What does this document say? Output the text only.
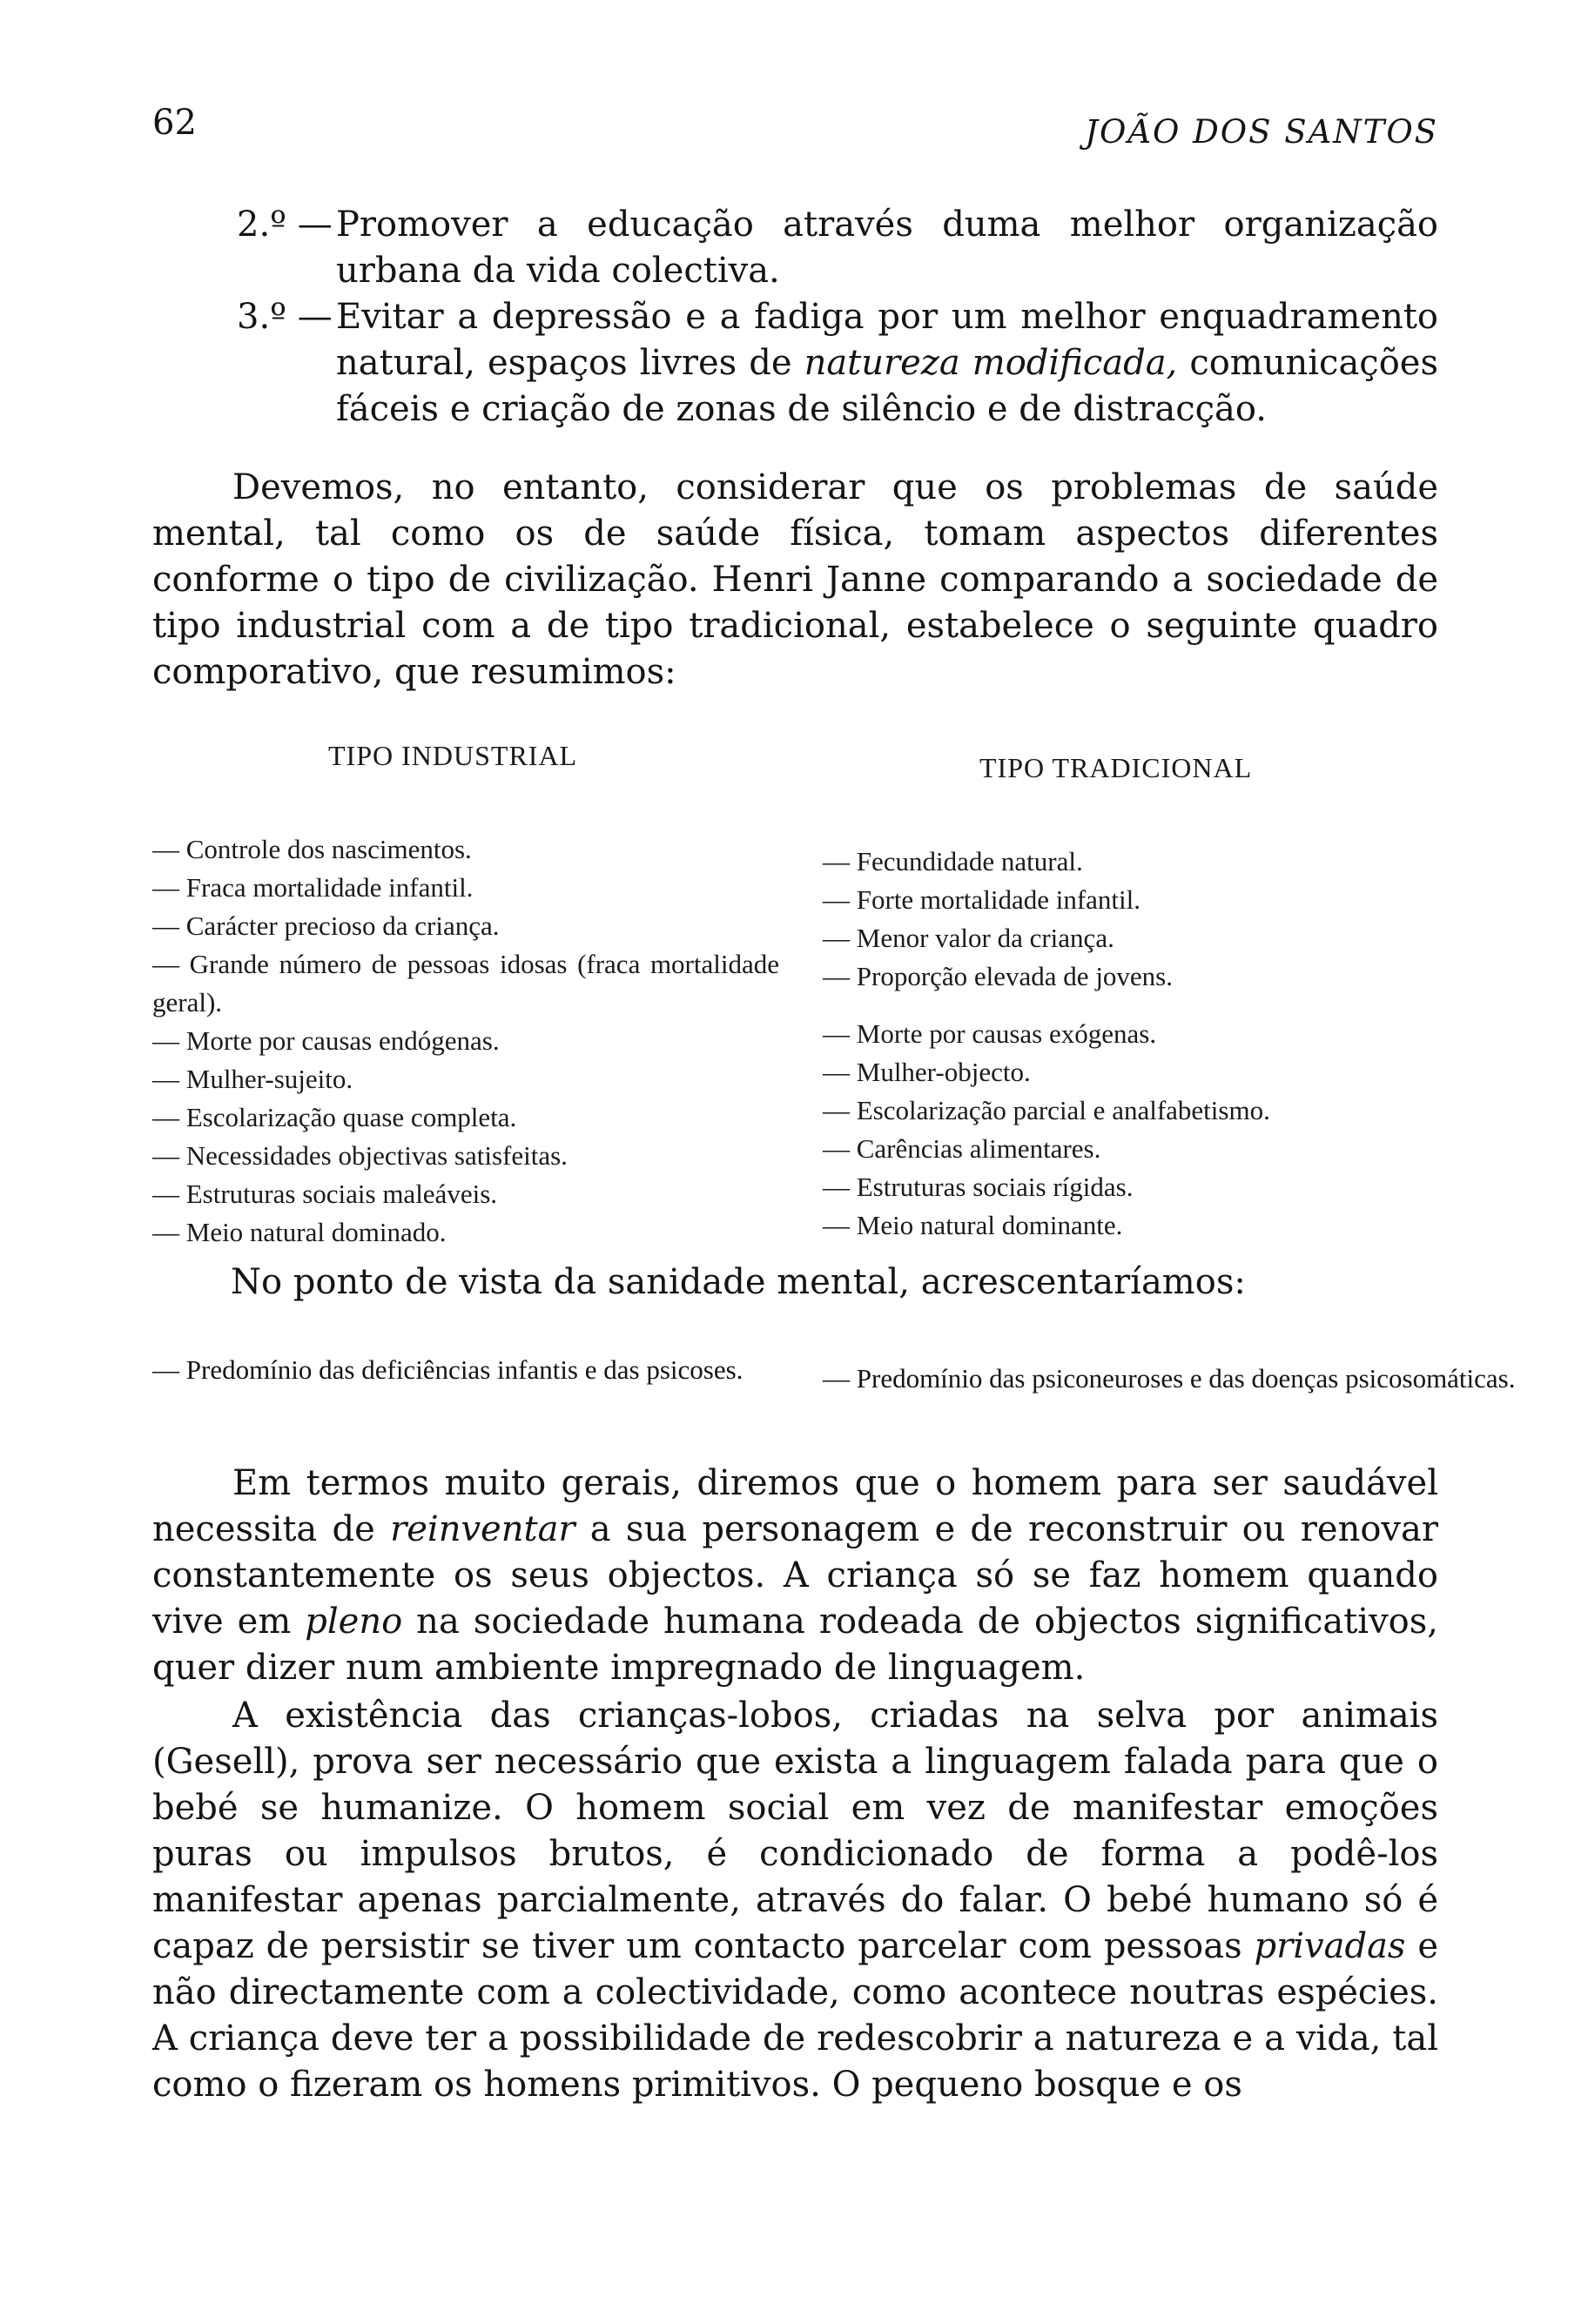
62	JOÃO DOS SANTOS
2.º — Promover a educação através duma melhor organização urbana da vida colectiva.
3.º — Evitar a depressão e a fadiga por um melhor enquadramento natural, espaços livres de natureza modificada, comunicações fáceis e criação de zonas de silêncio e de distracção.

Devemos, no entanto, considerar que os problemas de saúde mental, tal como os de saúde física, tomam aspectos diferentes conforme o tipo de civilização. Henri Janne comparando a sociedade de tipo industrial com a de tipo tradicional, estabelece o seguinte quadro comporativo, que resumimos:

TIPO INDUSTRIAL
— Controle dos nascimentos.
— Fraca mortalidade infantil.
— Carácter precioso da criança.
— Grande número de pessoas idosas (fraca mortalidade geral).
— Morte por causas endógenas.
— Mulher-sujeito.
— Escolarização quase completa.
— Necessidades objectivas satisfeitas.
— Estruturas sociais maleáveis.
— Meio natural dominado.
TIPO TRADICIONAL
— Fecundidade natural.
— Forte mortalidade infantil.
— Menor valor da criança.
— Proporção elevada de jovens.
— Morte por causas exógenas.
— Mulher-objecto.
— Escolarização parcial e analfabetismo.
— Carências alimentares.
— Estruturas sociais rígidas.
— Meio natural dominante.
No ponto de vista da sanidade mental, acrescentaríamos:
— Predomínio das deficiências infantis e das psicoses.	— Predomínio das psiconeuroses e das doenças psicosomáticas.

Em termos muito gerais, diremos que o homem para ser saudável necessita de reinventar a sua personagem e de reconstruir ou renovar constantemente os seus objectos. A criança só se faz homem quando vive em pleno na sociedade humana rodeada de objectos significativos, quer dizer num ambiente impregnado de linguagem.

A existência das crianças-lobos, criadas na selva por animais (Gesell), prova ser necessário que exista a linguagem falada para que o bebé se humanize. O homem social em vez de manifestar emoções puras ou impulsos brutos, é condicionado de forma a podê-los manifestar apenas parcialmente, através do falar. O bebé humano só é capaz de persistir se tiver um contacto parcelar com pessoas privadas e não directamente com a colectividade, como acontece noutras espécies. A criança deve ter a possibilidade de redescobrir a natureza e a vida, tal como o fizeram os homens primitivos. O pequeno bosque e os
